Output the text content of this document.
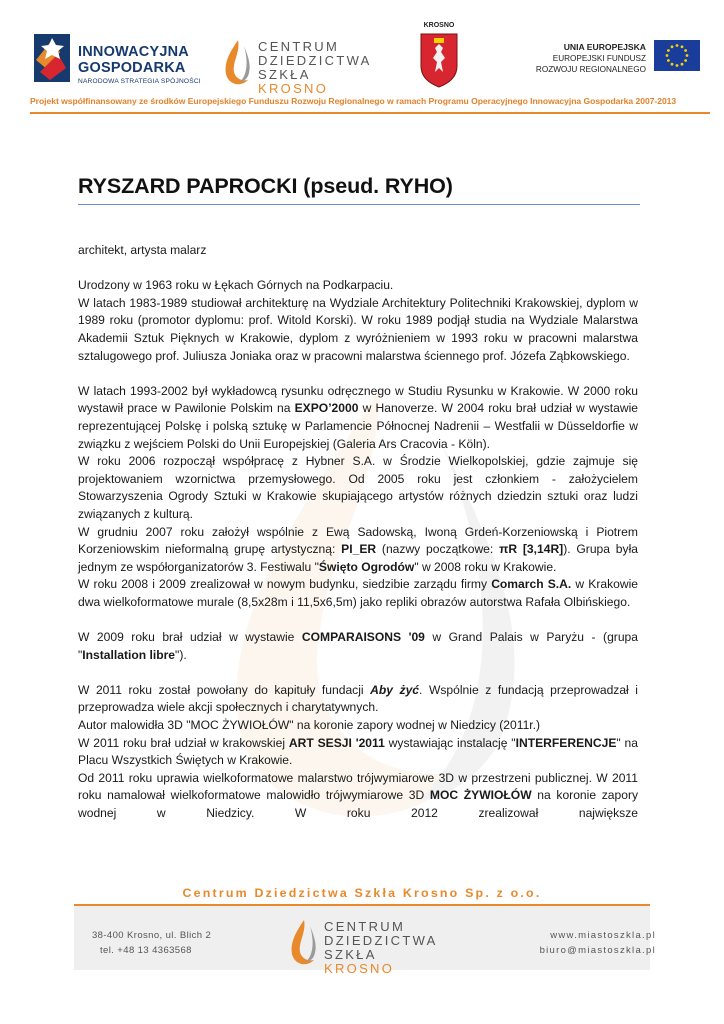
INNOWACYJNA
GOSPODARKA
NARODOWA STRATEGIA SPÓJNOŚCI
CENTRUM
DZIEDZICTWA
SZKŁA KROSNO
KROSNO
UNIA EUROPEJSKA
EUROPEJSKI FUNDUSZ
ROZWOJU REGIONALNEGO
Projekt współfinansowany ze środków Europejskiego Funduszu Rozwoju Regionalnego w ramach Programu Operacyjnego Innowacyjna Gospodarka 2007-2013
RYSZARD PAPROCKI (pseud. RYHO)

architekt, artysta malarz

Urodzony w 1963 roku w Łękach Górnych na Podkarpaciu.

W latach 1983-1989 studiował architekturę na Wydziale Architektury Politechniki Krakowskiej, dyplom w 1989 roku (promotor dyplomu: prof. Witold Korski). W roku 1989 podjął studia na Wydziale Malarstwa Akademii Sztuk Pięknych w Krakowie, dyplom z wyróżnieniem w 1993 roku w pracowni malarstwa sztalugowego prof. Juliusza Joniaka oraz w pracowni malarstwa ściennego prof. Józefa Ząbkowskiego.

W latach 1993-2002 był wykładowcą rysunku odręcznego w Studiu Rysunku w Krakowie. W 2000 roku wystawił prace w Pawilonie Polskim na EXPO’2000 w Hanoverze. W 2004 roku brał udział w wystawie reprezentującej Polskę i polską sztukę w Parlamencie Północnej Nadrenii – Westfalii w Düsseldorfie w związku z wejściem Polski do Unii Europejskiej (Galeria Ars Cracovia - Köln).

W roku 2006 rozpoczął współpracę z Hybner S.A. w Środzie Wielkopolskiej, gdzie zajmuje się projektowaniem wzornictwa przemysłowego. Od 2005 roku jest członkiem - założycielem Stowarzyszenia Ogrody Sztuki w Krakowie skupiającego artystów różnych dziedzin sztuki oraz ludzi związanych z kulturą.

W grudniu 2007 roku założył wspólnie z Ewą Sadowską, Iwoną Grdeń-Korzeniowską i Piotrem Korzeniowskim nieformalną grupę artystyczną: PI_ER (nazwy początkowe: πR [3,14R]). Grupa była jednym ze współorganizatorów 3. Festiwalu "Święto Ogrodów" w 2008 roku w Krakowie.

W roku 2008 i 2009 zrealizował w nowym budynku, siedzibie zarządu firmy Comarch S.A. w Krakowie dwa wielkoformatowe murale (8,5x28m i 11,5x6,5m) jako repliki obrazów autorstwa Rafała Olbińskiego.

W 2009 roku brał udział w wystawie COMPARAISONS '09 w Grand Palais w Paryżu - (grupa "Installation libre").

W 2011 roku został powołany do kapituły fundacji Aby żyć. Wspólnie z fundacją przeprowadzał i przeprowadza wiele akcji społecznych i charytatywnych.

Autor malowidła 3D "MOC ŻYWIOŁÓW" na koronie zapory wodnej w Niedzicy (2011r.)

W 2011 roku brał udział w krakowskiej ART SESJI '2011 wystawiając instalację "INTERFERENCJE" na Placu Wszystkich Świętych w Krakowie.

Od 2011 roku uprawia wielkoformatowe malarstwo trójwymiarowe 3D w przestrzeni publicznej. W 2011 roku namalował wielkoformatowe malowidło trójwymiarowe 3D MOC ŻYWIOŁÓW na koronie zapory wodnej w Niedzicy. W roku 2012 zrealizował największe

Centrum Dziedzictwa Szkła Krosno Sp. z o.o.
38-400 Krosno, ul. Blich 2
tel. +48 13 4363568
CENTRUM
DZIEDZICTWA
SZKŁA KROSNO
www.miastoszkla.pl
biuro@miastoszkla.pl
